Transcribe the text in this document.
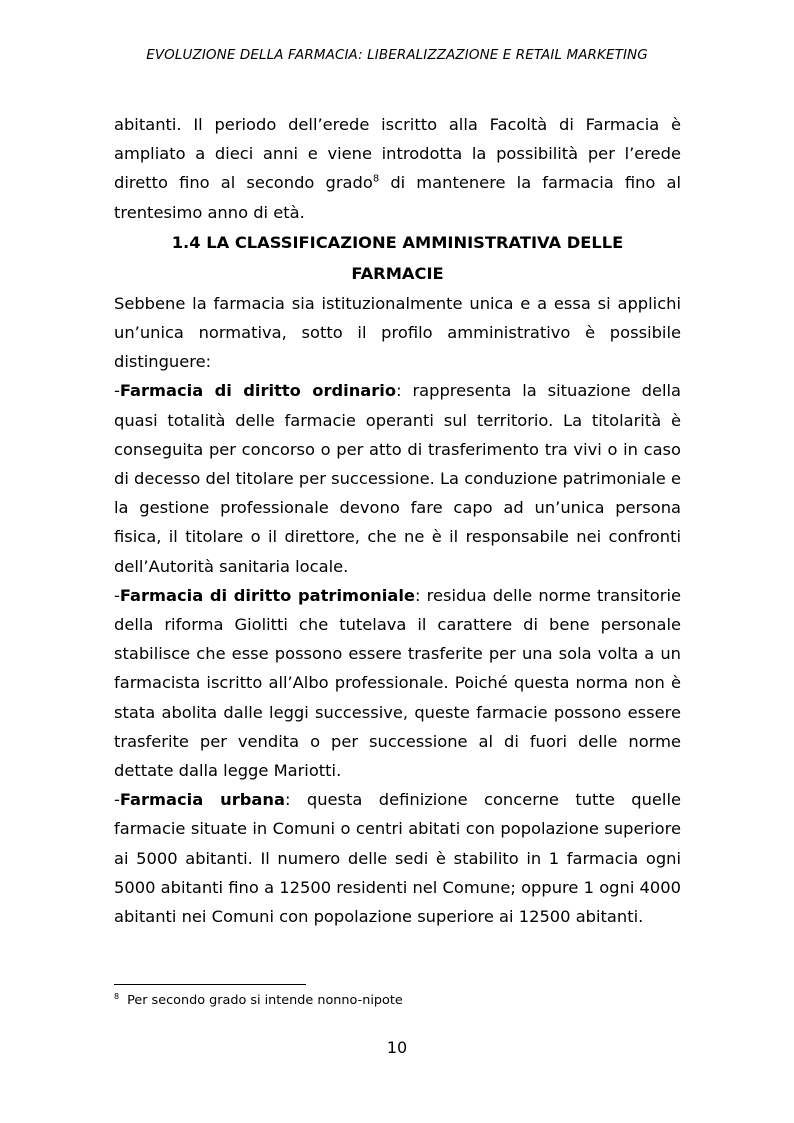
EVOLUZIONE DELLA FARMACIA: LIBERALIZZAZIONE E RETAIL MARKETING

abitanti. Il periodo dell’erede iscritto alla Facoltà di Farmacia è ampliato a dieci anni e viene introdotta la possibilità per l’erede diretto fino al secondo grado$^8$ di mantenere la farmacia fino al trentesimo anno di età.

1.4 LA CLASSIFICAZIONE AMMINISTRATIVA DELLE FARMACIE

Sebbene la farmacia sia istituzionalmente unica e a essa si applichi un’unica normativa, sotto il profilo amministrativo è possibile distinguere:

-Farmacia di diritto ordinario: rappresenta la situazione della quasi totalità delle farmacie operanti sul territorio. La titolarità è conseguita per concorso o per atto di trasferimento tra vivi o in caso di decesso del titolare per successione. La conduzione patrimoniale e la gestione professionale devono fare capo ad un’unica persona fisica, il titolare o il direttore, che ne è il responsabile nei confronti dell’Autorità sanitaria locale.

-Farmacia di diritto patrimoniale: residua delle norme transitorie della riforma Giolitti che tutelava il carattere di bene personale stabilisce che esse possono essere trasferite per una sola volta a un farmacista iscritto all’Albo professionale. Poiché questa norma non è stata abolita dalle leggi successive, queste farmacie possono essere trasferite per vendita o per successione al di fuori delle norme dettate dalla legge Mariotti.

-Farmacia urbana: questa definizione concerne tutte quelle farmacie situate in Comuni o centri abitati con popolazione superiore ai 5000 abitanti. Il numero delle sedi è stabilito in 1 farmacia ogni 5000 abitanti fino a 12500 residenti nel Comune; oppure 1 ogni 4000 abitanti nei Comuni con popolazione superiore ai 12500 abitanti.

$^8$ Per secondo grado si intende nonno-nipote
10
